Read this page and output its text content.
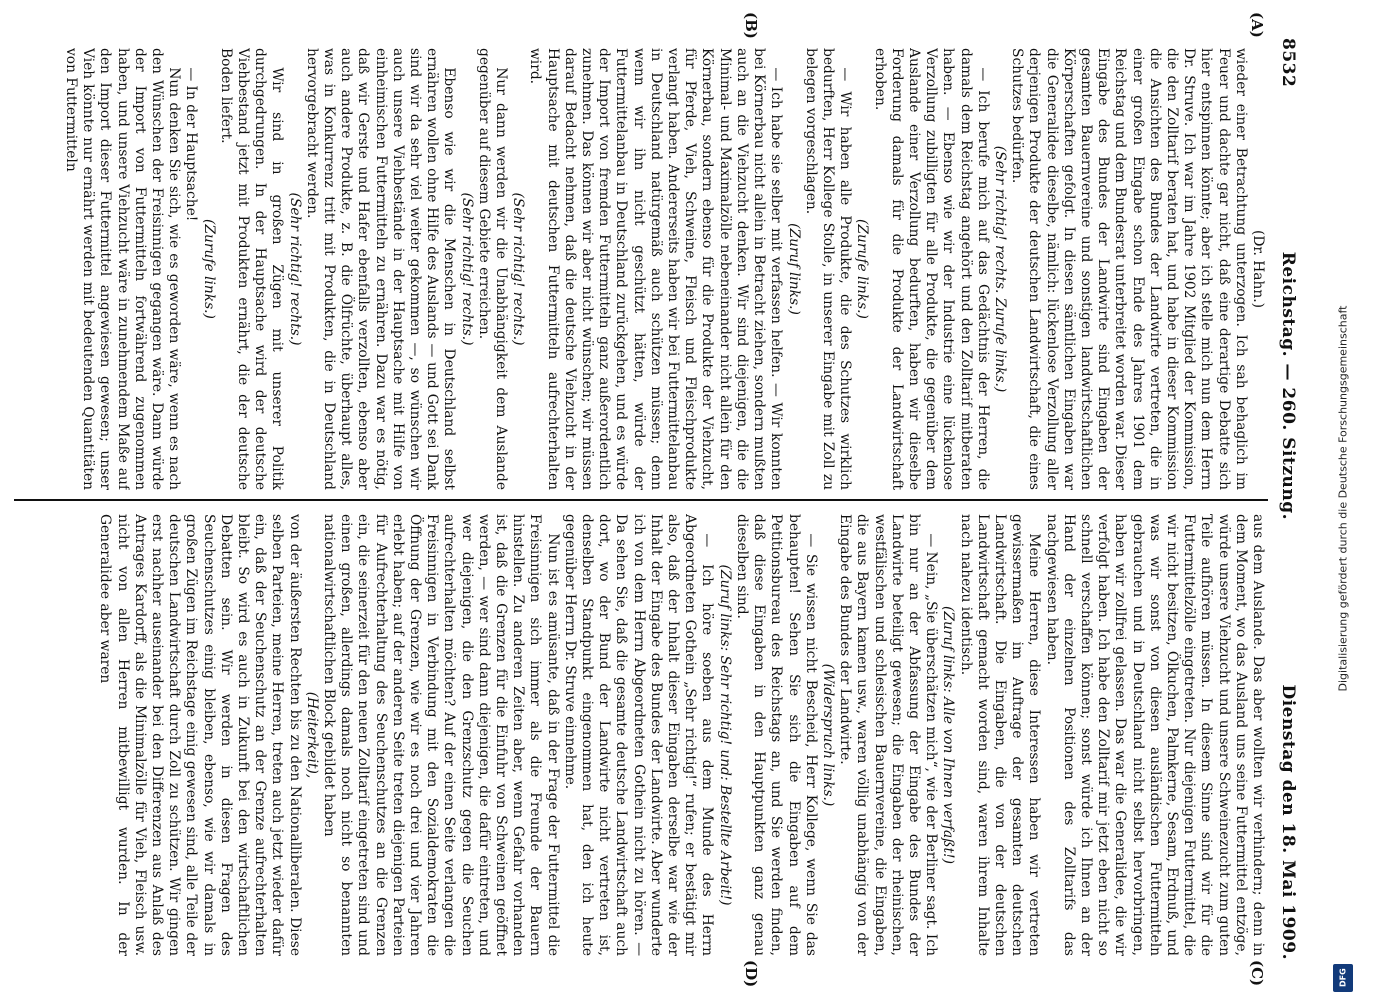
8532
Reichstag. — 260. Sitzung.
Dienstag den 18. Mai 1909.
(A)
(B)
(C)
(D)

(Dr. Hahn.)

wieder einer Betrachtung unterzogen. Ich sah behaglich im Feuer und dachte gar nicht, daß eine derartige Debatte sich hier entspinnen könnte; aber ich stelle mich nun dem Herrn Dr. Struve. Ich war im Jahre 1902 Mitglied der Kommission, die den Zolltarif beraten hat, und habe in dieser Kommission die Ansichten des Bundes der Landwirte vertreten, die in einer großen Eingabe schon Ende des Jahres 1901 dem Reichstag und dem Bundesrat unterbreitet worden war. Dieser Eingabe des Bundes der Landwirte sind Eingaben der gesamten Bauernvereine und sonstigen landwirtschaftlichen Körperschaften gefolgt. In diesen sämtlichen Eingaben war die Generalidee dieselbe, nämlich: lückenlose Verzollung aller derjenigen Produkte der deutschen Landwirtschaft, die eines Schutzes bedürfen.

(Sehr richtig! rechts. Zurufe links.)

— Ich berufe mich auf das Gedächtnis der Herren, die damals dem Reichstag angehört und den Zolltarif mitberaten haben. — Ebenso wie wir der Industrie eine lückenlose Verzollung zubilligten für alle Produkte, die gegenüber dem Auslande einer Verzollung bedurften, haben wir dieselbe Forderung damals für die Produkte der Landwirtschaft erhoben.

(Zurufe links.)

— Wir haben alle Produkte, die des Schutzes wirklich bedurften, Herr Kollege Stolle, in unserer Eingabe mit Zoll zu belegen vorgeschlagen.

(Zuruf links.)

— Ich habe sie selber mit verfassen helfen. — Wir konnten bei Körnerbau nicht allein in Betracht ziehen, sondern mußten auch an die Viehzucht denken. Wir sind diejenigen, die die Minimal- und Maximalzölle nebeneinander nicht allein für den Körnerbau, sondern ebenso für die Produkte der Viehzucht, für Pferde, Vieh, Schweine, Fleisch und Fleischprodukte verlangt haben. Andererseits haben wir bei Futtermittelanbau in Deutschland natürgemäß auch schützen müssen; denn wenn wir ihn nicht geschützt hätten, würde der Futtermittelanbau in Deutschland zurückgehen, und es würde der Import von fremden Futtermitteln ganz außerordentlich zunehmen. Das können wir aber nicht wünschen; wir müssen darauf Bedacht nehmen, daß die deutsche Viehzucht in der Hauptsache mit deutschen Futtermitteln aufrechterhalten wird.

(Sehr richtig! rechts.)

Nur dann werden wir die Unabhängigkeit dem Auslande gegenüber auf diesem Gebiete erreichen.

(Sehr richtig! rechts.)

Ebenso wie wir die Menschen in Deutschland selbst ernähren wollen ohne Hilfe des Auslands — und Gott sei Dank sind wir da sehr viel weiter gekommen —, so wünschen wir auch unsere Viehbestände in der Hauptsache mit Hilfe von einheimischen Futtermitteln zu ernähren. Dazu war es nötig, daß wir Gerste und Hafer ebenfalls verzollten, ebenso aber auch andere Produkte, z. B. die Ölfrüchte, überhaupt alles, was in Konkurrenz tritt mit Produkten, die in Deutschland hervorgebracht werden.

(Sehr richtig! rechts.)

Wir sind in großen Zügen mit unserer Politik durchgedrungen. In der Hauptsache wird der deutsche Viehbestand jetzt mit Produkten ernährt, die der deutsche Boden liefert.

(Zurufe links.)

— In der Hauptsache!

Nun denken Sie sich, wie es geworden wäre, wenn es nach den Wünschen der Freisinnigen gegangen wäre. Dann würde der Import von Futtermitteln fortwährend zugenommen haben, und unsere Viehzucht wäre in zunehmendem Maße auf den Import dieser Futtermittel angewiesen gewesen; unser Vieh könnte nur ernährt werden mit bedeutenden Quantitäten von Futtermitteln

aus dem Auslande. Das aber wollten wir verhindern; denn in dem Moment, wo das Ausland uns seine Futtermittel entzöge, würde unsere Viehzucht und unsere Schweinezucht zum guten Teile aufhören müssen. In diesem Sinne sind wir für die Futtermittelzölle eingetreten. Nur diejenigen Futtermittel, die wir nicht besitzen, Ölkuchen, Palmkerne, Sesam, Erdnuß, und was wir sonst von diesen ausländischen Futtermitteln gebrauchen und in Deutschland nicht selbst hervorbringen, haben wir zollfrei gelassen. Das war die Generalidee, die wir verfolgt haben. Ich habe den Zolltarif mir jetzt eben nicht so schnell verschaffen können; sonst würde ich Ihnen an der Hand der einzelnen Positionen des Zolltarifs das nachgewiesen haben.

Meine Herren, diese Interessen haben wir vertreten gewissermaßen im Auftrage der gesamten deutschen Landwirtschaft. Die Eingaben, die von der deutschen Landwirtschaft gemacht worden sind, waren ihrem Inhalte nach nahezu identisch.

(Zuruf links: Alle von Ihnen verfaßt!)

— Nein, „Sie überschätzen mich“, wie der Berliner sagt. Ich bin nur an der Abfassung der Eingabe des Bundes der Landwirte beteiligt gewesen; die Eingaben der rheinischen, westfälischen und schlesischen Bauernvereine, die Eingaben, die aus Bayern kamen usw., waren völlig unabhängig von der Eingabe des Bundes der Landwirte.

(Widerspruch links.)

— Sie wissen nicht Bescheid, Herr Kollege, wenn Sie das behaupten! Sehen Sie sich die Eingaben auf dem Petitionsbureau des Reichstags an, und Sie werden finden, daß diese Eingaben in den Hauptpunkten ganz genau dieselben sind.

(Zuruf links: Sehr richtig! und: Bestellte Arbeit!)

— Ich höre soeben aus dem Munde des Herrn Abgeordneten Gothein „Sehr richtig!“ rufen; er bestätigt mir also, daß der Inhalt dieser Eingaben derselbe war wie der Inhalt der Eingabe des Bundes der Landwirte. Aber wunderte ich von dem Herrn Abgeordneten Gothein nicht zu hören. — Da sehen Sie, daß die gesamte deutsche Landwirtschaft auch dort, wo der Bund der Landwirte nicht vertreten ist, denselben Standpunkt eingenommen hat, den ich heute gegenüber Herrn Dr. Struve einnehme.

Nun ist es amüsante, daß in der Frage der Futtermittel die Freisinnigen sich immer als die Freunde der Bauern hinstellen. Zu anderen Zeiten aber, wenn Gefahr vorhanden ist, daß die Grenzen für die Einfuhr von Schweinen geöffnet werden, — wer sind dann diejenigen, die dafür eintreten, und wer diejenigen, die den Grenzschutz gegen die Seuchen aufrechterhalten möchten? Auf der einen Seite verlangen die Freisinnigen in Verbindung mit den Sozialdemokraten die Öffnung der Grenzen, wie wir es noch drei und vier Jahren erlebt haben; auf der anderen Seite treten diejenigen Parteien für Aufrechterhaltung des Seuchenschutzes an die Grenzen ein, die seinerzeit für den neuen Zolltarif eingetreten sind und einen großen, allerdings damals noch nicht so benannten nationalwirtschaftlichen Block gebildet haben

(Heiterkeit),

von der äußersten Rechten bis zu den Nationalliberalen. Diese selben Parteien, meine Herren, treten auch jetzt wieder dafür ein, daß der Seuchenschutz an der Grenze aufrechterhalten bleibt. So wird es auch in Zukunft bei den wirtschaftlichen Debatten sein. Wir werden in diesen Fragen des Seuchenschutzes einig bleiben, ebenso, wie wir damals in großen Zügen im Reichstage einig gewesen sind, alle Teile der deutschen Landwirtschaft durch Zoll zu schützen. Wir gingen erst nachher auseinander bei den Differenzen aus Anlaß des Antrages Kardorff, als die Minimalzölle für Vieh, Fleisch usw. nicht von allen Herren mitbewilligt wurden. In der Generalidee aber waren	Digitalisierung gefördert durch die Deutsche Forschungsgemeinschaft
DFG
